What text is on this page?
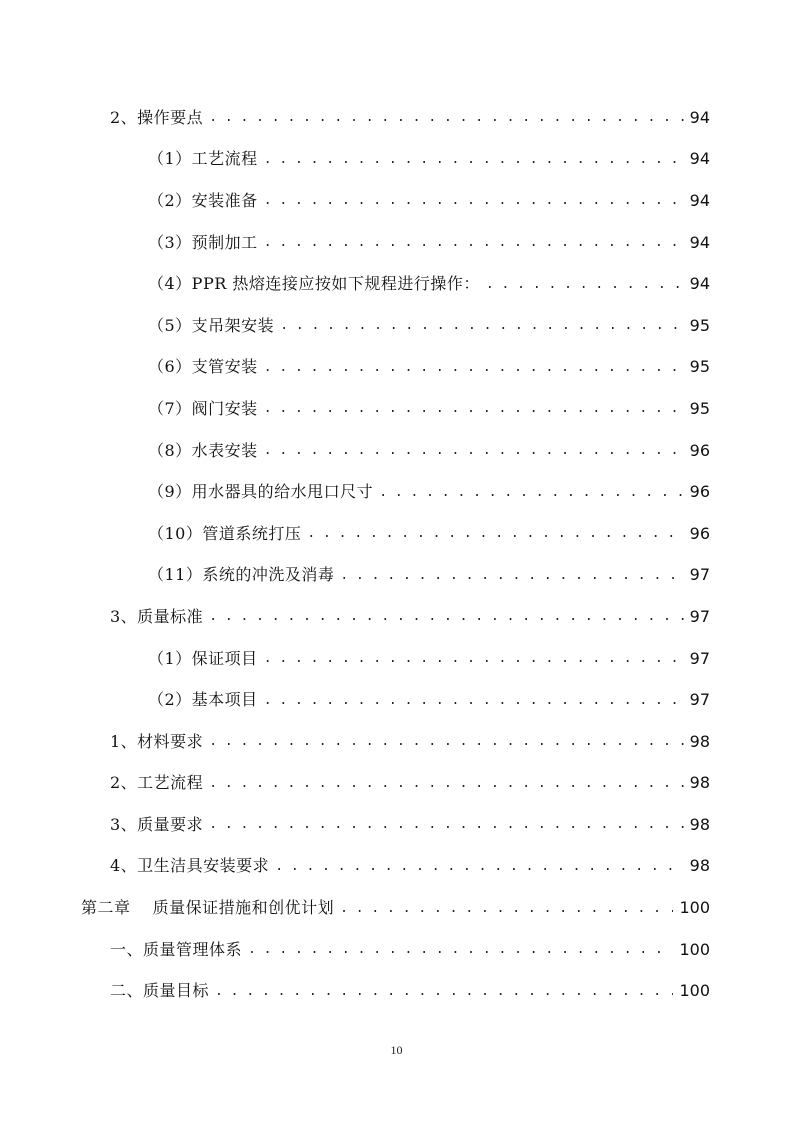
2、操作要点 . . .	94
（1）工艺流程 . . .	94
（2）安装准备 . . .	94
（3）预制加工 . . .	94
（4）PPR 热熔连接应按如下规程进行操作： . . .	94
（5）支吊架安装 . . .	95
（6）支管安装 . . .	95
（7）阀门安装 . . .	95
（8）水表安装 . . .	96
（9）用水器具的给水甩口尺寸 . . .	96
（10）管道系统打压 . . .	96
（11）系统的冲洗及消毒 . . .	97
3、质量标准 . . .	97
（1）保证项目 . . .	97
（2）基本项目 . . .	97
1、材料要求 . . .	98
2、工艺流程 . . .	98
3、质量要求 . . .	98
4、卫生洁具安装要求 . . .	98
第二章　 质量保证措施和创优计划 . . .	100
一、质量管理体系 . . .	100
二、质量目标 . . .	100
10
